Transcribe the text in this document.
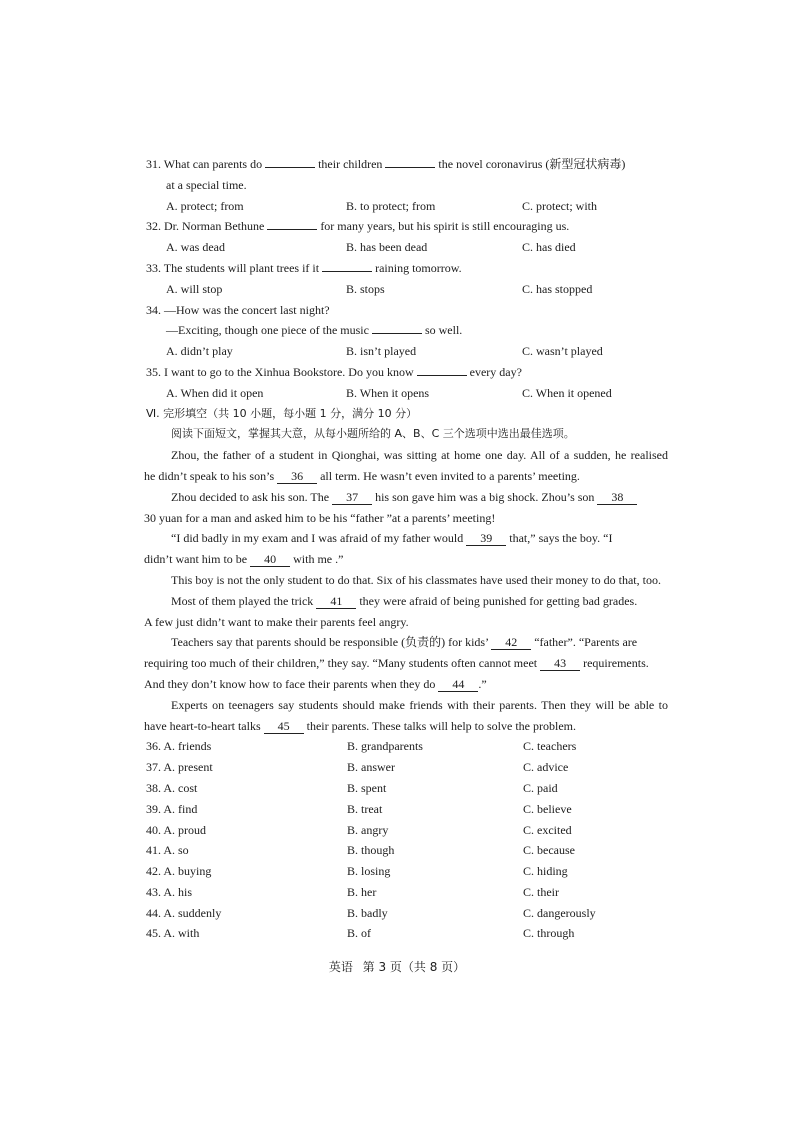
31. What can parents do	their children	the novel coronavirus (新型冠状病毒)
at a special time.
A. protect; from	B. to protect; from	C. protect; with
32. Dr. Norman Bethune	for many years, but his spirit is still encouraging us.
A. was dead	B. has been dead	C. has died
33. The students will plant trees if it	raining tomorrow.
A. will stop	B. stops	C. has stopped
34. —How was the concert last night?
—Exciting, though one piece of the music	so well.
A. didn’t play	B. isn’t played	C. wasn’t played
35. I want to go to the Xinhua Bookstore. Do you know	every day?
A. When did it open	B. When it opens	C. When it opened
Ⅵ. 完形填空（共 10 小题，每小题 1 分，满分 10 分）
阅读下面短文，掌握其大意，从每小题所给的 A、B、C 三个选项中选出最佳选项。
Zhou, the father of a student in Qionghai, was sitting at home one day. All of a sudden, he realised
he didn’t speak to his son’s 36 all term. He wasn’t even invited to a parents’ meeting.
Zhou decided to ask his son. The 37 his son gave him was a big shock. Zhou’s son 38
30 yuan for a man and asked him to be his “father ”at a parents’ meeting!
“I did badly in my exam and I was afraid of my father would 39 that,” says the boy. “I
didn’t want him to be 40 with me .”
This boy is not the only student to do that. Six of his classmates have used their money to do that, too.
Most of them played the trick 41 they were afraid of being punished for getting bad grades.
A few just didn’t want to make their parents feel angry.
Teachers say that parents should be responsible (负责的) for kids’ 42 “father”. “Parents are
requiring too much of their children,” they say. “Many students often cannot meet 43 requirements.
And they don’t know how to face their parents when they do 44 .”
Experts on teenagers say students should make friends with their parents. Then they will be able to
have heart-to-heart talks 45 their parents. These talks will help to solve the problem.
36. A. friends	B. grandparents	C. teachers
37. A. present	B. answer	C. advice
38. A. cost	B. spent	C. paid
39. A. find	B. treat	C. believe
40. A. proud	B. angry	C. excited
41. A. so	B. though	C. because
42. A. buying	B. losing	C. hiding
43. A. his	B. her	C. their
44. A. suddenly	B. badly	C. dangerously
45. A. with	B. of	C. through
英语 第 3 页（共 8 页）
